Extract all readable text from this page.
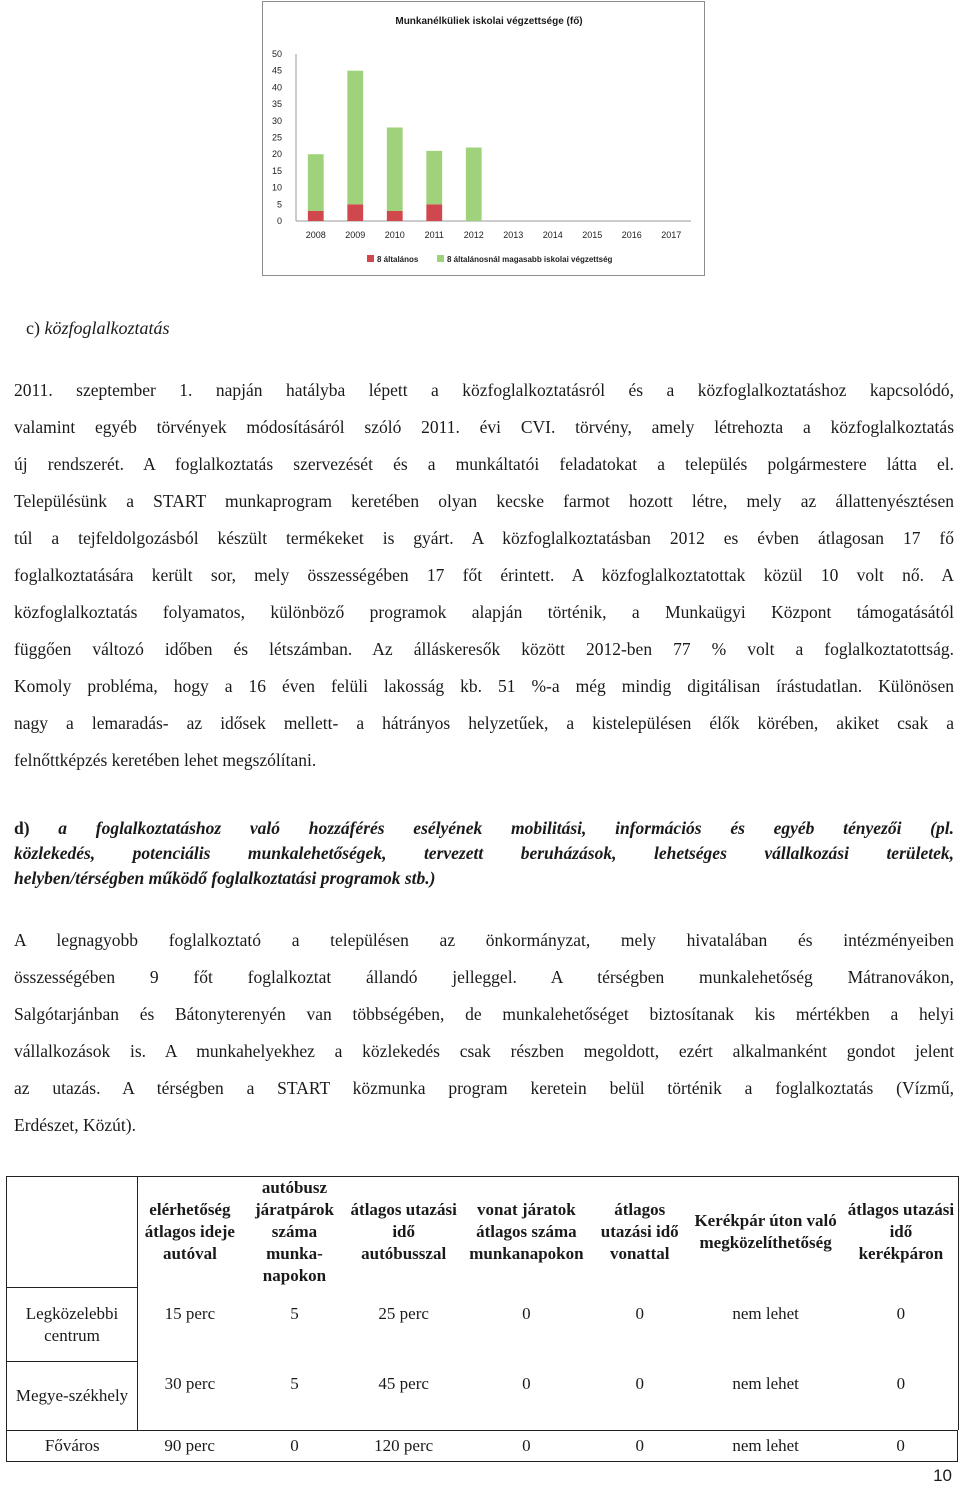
Munkanélküliek iskolai végzettsége (fő)
0
5
10
15
20
25
30
35
40
45
50
2008 2009 2010 2011 2012 2013 2014 2015 2016 2017
8 általános	8 általánosnál magasabb iskolai végzettség
c) közfoglalkoztatás
2011. szeptember 1. napján hatályba lépett a közfoglalkoztatásról és a közfoglalkoztatáshoz kapcsolódó,
valamint egyéb törvények módosításáról szóló 2011. évi CVI. törvény, amely létrehozta a közfoglalkoztatás
új rendszerét. A foglalkoztatás szervezését és a munkáltatói feladatokat a település polgármestere látta el.
Településünk a START munkaprogram keretében olyan kecske farmot hozott létre, mely az állattenyésztésen
túl a tejfeldolgozásból készült termékeket is gyárt. A közfoglalkoztatásban 2012 es évben átlagosan 17 fő
foglalkoztatására került sor, mely összességében 17 főt érintett. A közfoglalkoztatottak közül 10 volt nő. A
közfoglalkoztatás folyamatos, különböző programok alapján történik, a Munkaügyi Központ támogatásától
függően változó időben és létszámban. Az álláskeresők között 2012-ben 77 % volt a foglalkoztatottság.
Komoly probléma, hogy a 16 éven felüli lakosság kb. 51 %-a még mindig digitálisan írástudatlan. Különösen
nagy a lemaradás- az idősek mellett- a hátrányos helyzetűek, a kistelepülésen élők körében, akiket csak a
felnőttképzés keretében lehet megszólítani.
d) a foglalkoztatáshoz való hozzáférés esélyének mobilitási, információs és egyéb tényezői (pl.
közlekedés, potenciális munkalehetőségek, tervezett beruházások, lehetséges vállalkozási területek,
helyben/térségben működő foglalkoztatási programok stb.)
A legnagyobb foglalkoztató a településen az önkormányzat, mely hivatalában és intézményeiben
összességében 9 főt foglalkoztat állandó jelleggel. A térségben munkalehetőség Mátranovákon,
Salgótarjánban és Bátonyterenyén van többségében, de munkalehetőséget biztosítanak kis mértékben a helyi
vállalkozások is. A munkahelyekhez a közlekedés csak részben megoldott, ezért alkalmanként gondot jelent
az utazás. A térségben a START közmunka program keretein belül történik a foglalkoztatás (Vízmű,
Erdészet, Közút).
	elérhetőség átlagos ideje autóval	autóbusz járatpárok száma munka-napokon	átlagos utazási idő autóbusszal	vonat járatok átlagos száma munkanapokon	átlagos utazási idő vonattal	Kerékpár úton való megközelíthetőség	átlagos utazási idő kerékpáron
Legközelebbi centrum	15 perc	5	25 perc	0	0	nem lehet	0
Megye-székhely	30 perc	5	45 perc	0	0	nem lehet	0
Főváros	90 perc	0	120 perc	0	0	nem lehet	0
10
